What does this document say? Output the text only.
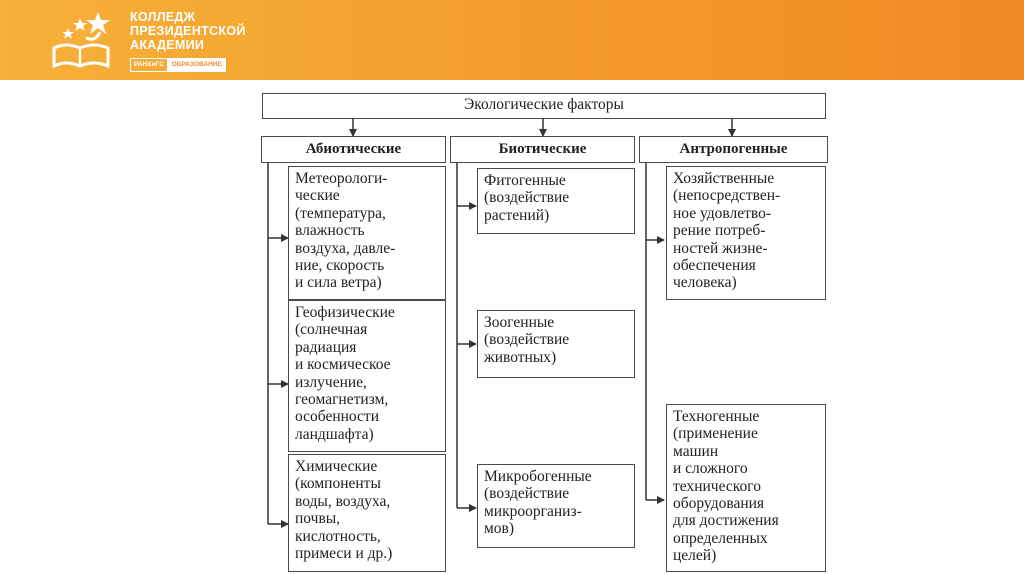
КОЛЛЕДЖ
ПРЕЗИДЕНТСКОЙ
АКАДЕМИИ
РАНХиГС	ОБРАЗОВАНИЕ
Экологические факторы
Абиотические	Биотические	Антропогенные
Метеорологи-
ческие
(температура,
влажность
воздуха, давле-
ние, скорость
и сила ветра)
Геофизические
(солнечная
радиация
и космическое
излучение,
геомагнетизм,
особенности
ландшафта)
Химические
(компоненты
воды, воздуха,
почвы,
кислотность,
примеси и др.)
Фитогенные
(воздействие
растений)
Зоогенные
(воздействие
животных)
Микробогенные
(воздействие
микроорганиз-
мов)
Хозяйственные
(непосредствен-
ное удовлетво-
рение потреб-
ностей жизне-
обеспечения
человека)
Техногенные
(применение
машин
и сложного
технического
оборудования
для достижения
определенных
целей)
